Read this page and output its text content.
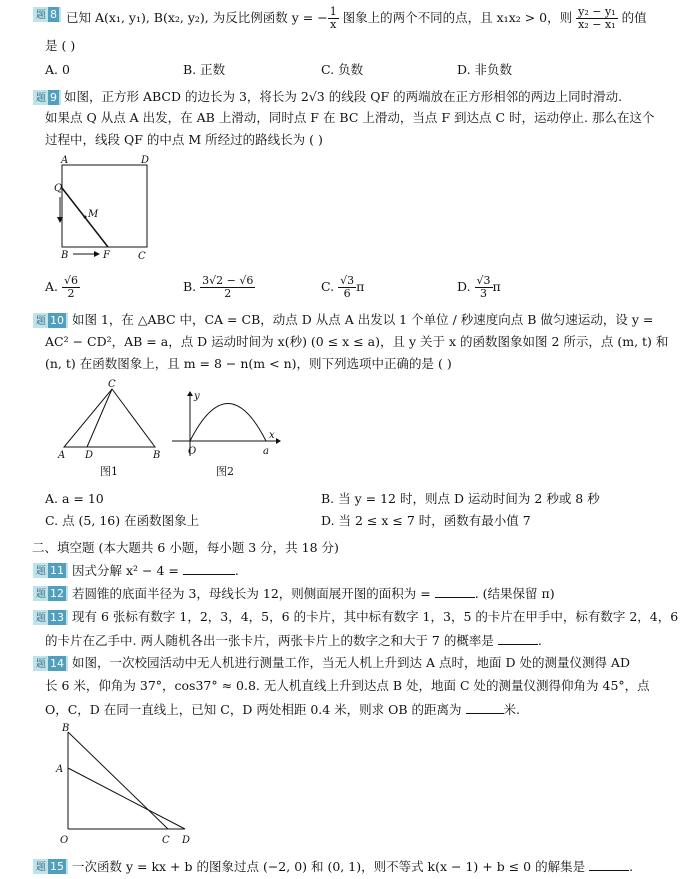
题 8 已知 A(x₁, y₁), B(x₂, y₂), 为反比例函数 y = − $\frac{1}{x}$ 图象上的两个不同的点，且 x₁x₂ > 0，则 $\frac{\text{y₂ − y₁}}{\text{x₂ − x₁}}$ 的值
是 ( )
A. 0	B. 正数	C. 负数	D. 非负数
题 9 如图，正方形 ABCD 的边长为 3，将长为 2√3 的线段 QF 的两端放在正方形相邻的两边上同时滑动.
如果点 Q 从点 A 出发，在 AB 上滑动，同时点 F 在 BC 上滑动，当点 F 到达点 C 时，运动停止. 那么在这个
过程中，线段 QF 的中点 M 所经过的路线长为 ( )
A	D
Q
M
B	F	C
A. $\frac{√6}{2}$	B. $\frac{3√2 - √6}{2}$	C. $\frac{√3}{6}$ π	D. $\frac{√3}{3}$ π
题 10 如图 1，在 △ABC 中，CA = CB，动点 D 从点 A 出发以 1 个单位 / 秒速度向点 B 做匀速运动，设 y =
AC² − CD²，AB = a，点 D 运动时间为 x(秒) (0 ≤ x ≤ a)，且 y 关于 x 的函数图象如图 2 所示，点 (m, t) 和
(n, t) 在函数图象上，且 m = 8 − n(m < n)，则下列选项中正确的是 ( )
C
A D	B
图1
y
O
x
a
图2
A. a = 10	B. 当 y = 12 时，则点 D 运动时间为 2 秒或 8 秒
C. 点 (5, 16) 在函数图象上	D. 当 2 ≤ x ≤ 7 时，函数有最小值 7
二、填空题 (本大题共 6 小题，每小题 3 分，共 18 分)
题 11 因式分解 x² − 4 =	.
题 12 若圆锥的底面半径为 3，母线长为 12，则侧面展开图的面积为 =	. (结果保留 π)
题 13 现有 6 张标有数字 1，2，3，4，5，6 的卡片，其中标有数字 1，3，5 的卡片在甲手中，标有数字 2，4，6
的卡片在乙手中. 两人随机各出一张卡片，两张卡片上的数字之和大于 7 的概率是	.
题 14 如图，一次校园活动中无人机进行测量工作，当无人机上升到达 A 点时，地面 D 处的测量仪测得 AD
长 6 米，仰角为 37°，cos37° ≈ 0.8. 无人机直线上升到达点 B 处，地面 C 处的测量仪测得仰角为 45°，点
O，C，D 在同一直线上，已知 C，D 两处相距 0.4 米，则求 OB 的距离为	米.
B
A
O	C D
题 15 一次函数 y = kx + b 的图象过点 (−2, 0) 和 (0, 1)，则不等式 k(x − 1) + b ≤ 0 的解集是	.
